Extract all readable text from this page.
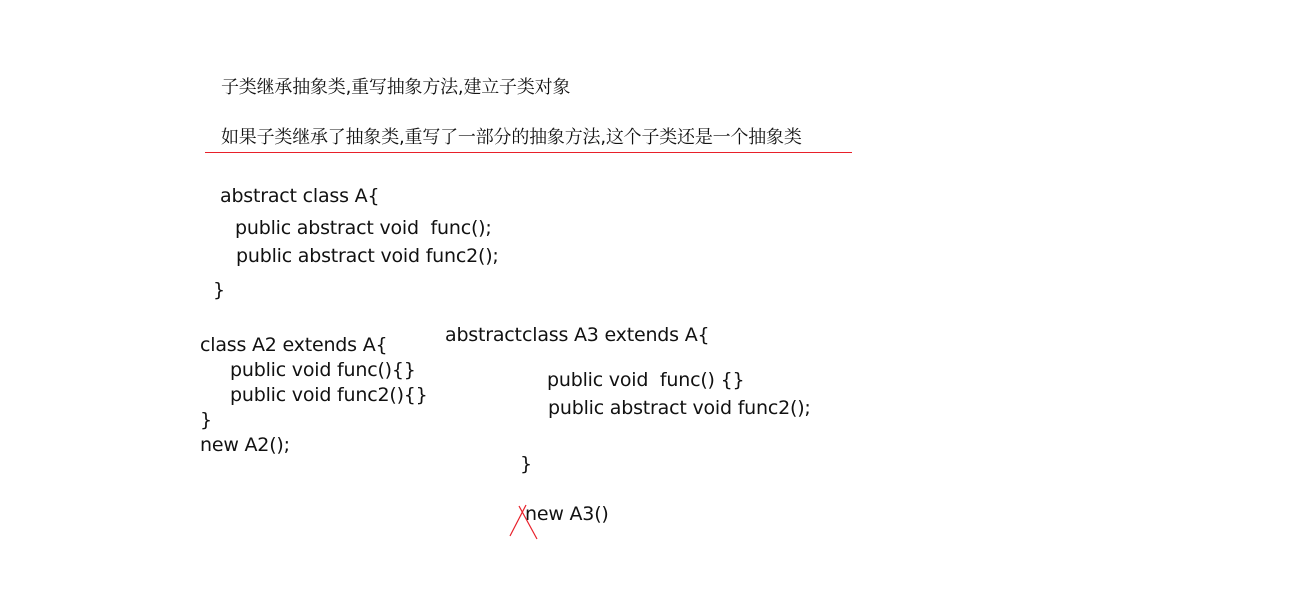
子类继承抽象类,重写抽象方法,建立子类对象
如果子类继承了抽象类,重写了一部分的抽象方法,这个子类还是一个抽象类
abstract class A{
public abstract void  func();
public abstract void func2();
}
class A2 extends A{
public void func(){}
public void func2(){}
}
new A2();
abstract class A3 extends A{
public void  func() {}
public abstract void func2();
}
new A3()
